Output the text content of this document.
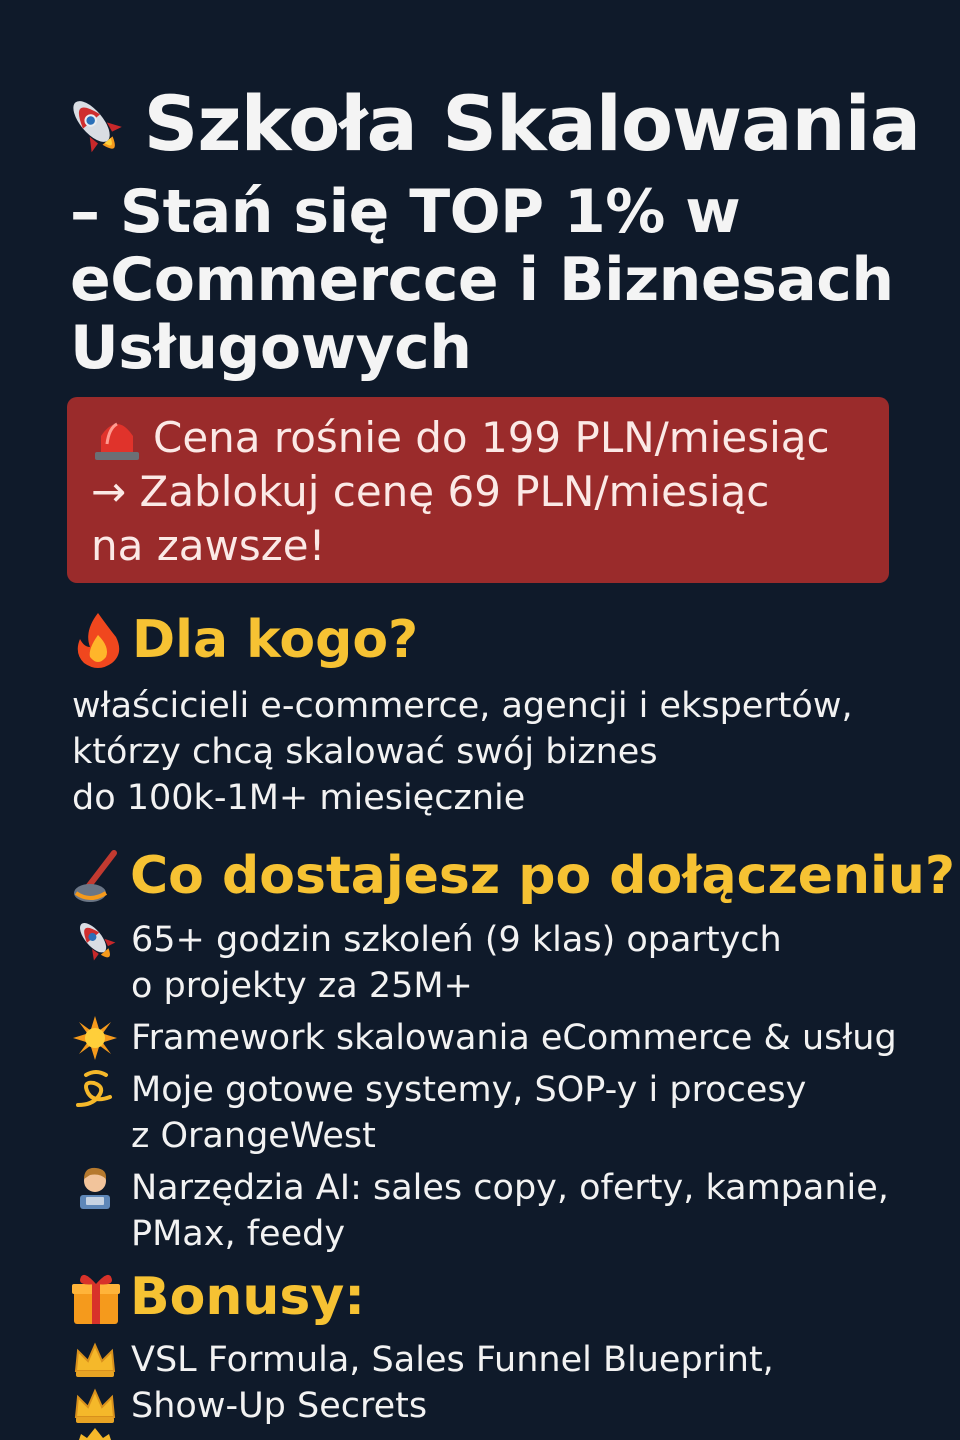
Szkoła Skalowania
– Stań się TOP 1% w
eCommercce i Biznesach
Usługowych
Cena rośnie do 199 PLN/miesiąc
→ Zablokuj cenę 69 PLN/miesiąc
na zawsze!
Dla kogo?
właścicieli e-commerce, agencji i ekspertów,
którzy chcą skalować swój biznes
do 100k-1M+ miesięcznie
Co dostajesz po dołączeniu?
65+ godzin szkoleń (9 klas) opartych
o projekty za 25M+
Framework skalowania eCommerce & usług
Moje gotowe systemy, SOP-y i procesy
z OrangeWest
Narzędzia AI: sales copy, oferty, kampanie,
PMax, feedy
Bonusy:
VSL Formula, Sales Funnel Blueprint,
Show-Up Secrets
